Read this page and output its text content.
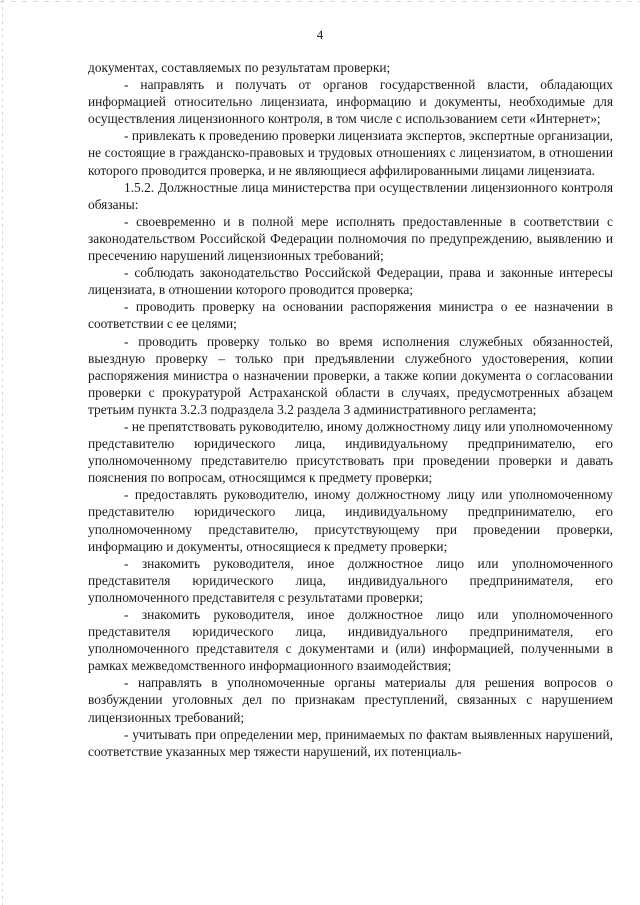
4

документах, составляемых по результатам проверки;

- направлять и получать от органов государственной власти, обладающих информацией относительно лицензиата, информацию и документы, необходимые для осуществления лицензионного контроля, в том числе с использованием сети «Интернет»;

- привлекать к проведению проверки лицензиата экспертов, экспертные организации, не состоящие в гражданско-правовых и трудовых отношениях с лицензиатом, в отношении которого проводится проверка, и не являющиеся аффилированными лицами лицензиата.

1.5.2. Должностные лица министерства при осуществлении лицензионного контроля обязаны:

- своевременно и в полной мере исполнять предоставленные в соответствии с законодательством Российской Федерации полномочия по предупреждению, выявлению и пресечению нарушений лицензионных требований;

- соблюдать законодательство Российской Федерации, права и законные интересы лицензиата, в отношении которого проводится проверка;

- проводить проверку на основании распоряжения министра о ее назначении в соответствии с ее целями;

- проводить проверку только во время исполнения служебных обязанностей, выездную проверку – только при предъявлении служебного удостоверения, копии распоряжения министра о назначении проверки, а также копии документа о согласовании проверки с прокуратурой Астраханской области в случаях, предусмотренных абзацем третьим пункта 3.2.3 подраздела 3.2 раздела 3 административного регламента;

- не препятствовать руководителю, иному должностному лицу или уполномоченному представителю юридического лица, индивидуальному предпринимателю, его уполномоченному представителю присутствовать при проведении проверки и давать пояснения по вопросам, относящимся к предмету проверки;

- предоставлять руководителю, иному должностному лицу или уполномоченному представителю юридического лица, индивидуальному предпринимателю, его уполномоченному представителю, присутствующему при проведении проверки, информацию и документы, относящиеся к предмету проверки;

- знакомить руководителя, иное должностное лицо или уполномоченного представителя юридического лица, индивидуального предпринимателя, его уполномоченного представителя с результатами проверки;

- знакомить руководителя, иное должностное лицо или уполномоченного представителя юридического лица, индивидуального предпринимателя, его уполномоченного представителя с документами и (или) информацией, полученными в рамках межведомственного информационного взаимодействия;

- направлять в уполномоченные органы материалы для решения вопросов о возбуждении уголовных дел по признакам преступлений, связанных с нарушением лицензионных требований;

- учитывать при определении мер, принимаемых по фактам выявленных нарушений, соответствие указанных мер тяжести нарушений, их потенциаль-
